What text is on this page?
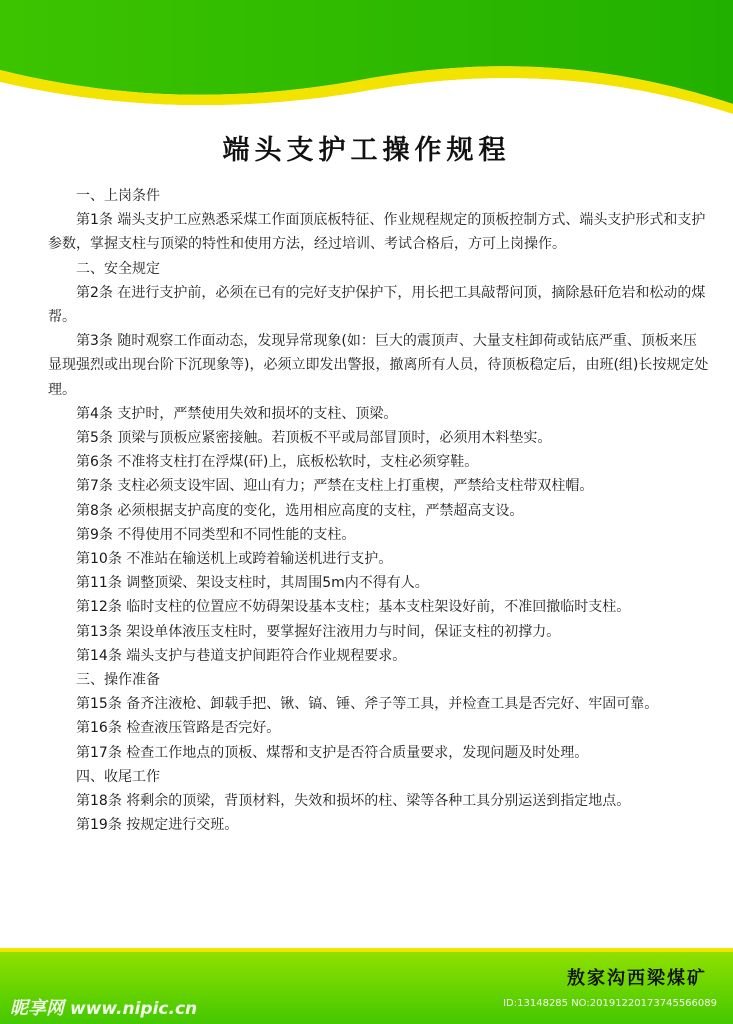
端头支护工操作规程

一、上岗条件

第1条 端头支护工应熟悉采煤工作面顶底板特征、作业规程规定的顶板控制方式、端头支护形式和支护参数，掌握支柱与顶梁的特性和使用方法，经过培训、考试合格后，方可上岗操作。

二、安全规定

第2条 在进行支护前，必须在已有的完好支护保护下，用长把工具敲帮问顶，摘除悬矸危岩和松动的煤帮。

第3条 随时观察工作面动态，发现异常现象(如：巨大的震顶声、大量支柱卸荷或钻底严重、顶板来压显现强烈或出现台阶下沉现象等)，必须立即发出警报，撤离所有人员，待顶板稳定后，由班(组)长按规定处理。

第4条 支护时，严禁使用失效和损坏的支柱、顶梁。

第5条 顶梁与顶板应紧密接触。若顶板不平或局部冒顶时，必须用木料垫实。

第6条 不准将支柱打在浮煤(矸)上，底板松软时，支柱必须穿鞋。

第7条 支柱必须支设牢固、迎山有力；严禁在支柱上打重楔，严禁给支柱带双柱帽。

第8条 必须根据支护高度的变化，选用相应高度的支柱，严禁超高支设。

第9条 不得使用不同类型和不同性能的支柱。

第10条 不准站在输送机上或跨着输送机进行支护。

第11条 调整顶梁、架设支柱时，其周围5m内不得有人。

第12条 临时支柱的位置应不妨碍架设基本支柱；基本支柱架设好前，不准回撤临时支柱。

第13条 架设单体液压支柱时，要掌握好注液用力与时间，保证支柱的初撑力。

第14条 端头支护与巷道支护间距符合作业规程要求。

三、操作准备

第15条 备齐注液枪、卸载手把、锹、镐、锤、斧子等工具，并检查工具是否完好、牢固可靠。

第16条 检查液压管路是否完好。

第17条 检查工作地点的顶板、煤帮和支护是否符合质量要求，发现问题及时处理。

四、收尾工作

第18条 将剩余的顶梁，背顶材料，失效和损坏的柱、梁等各种工具分别运送到指定地点。

第19条 按规定进行交班。

敖家沟西梁煤矿
昵享网 www.nipic.cn	ID:13148285 NO:20191220173745566089
